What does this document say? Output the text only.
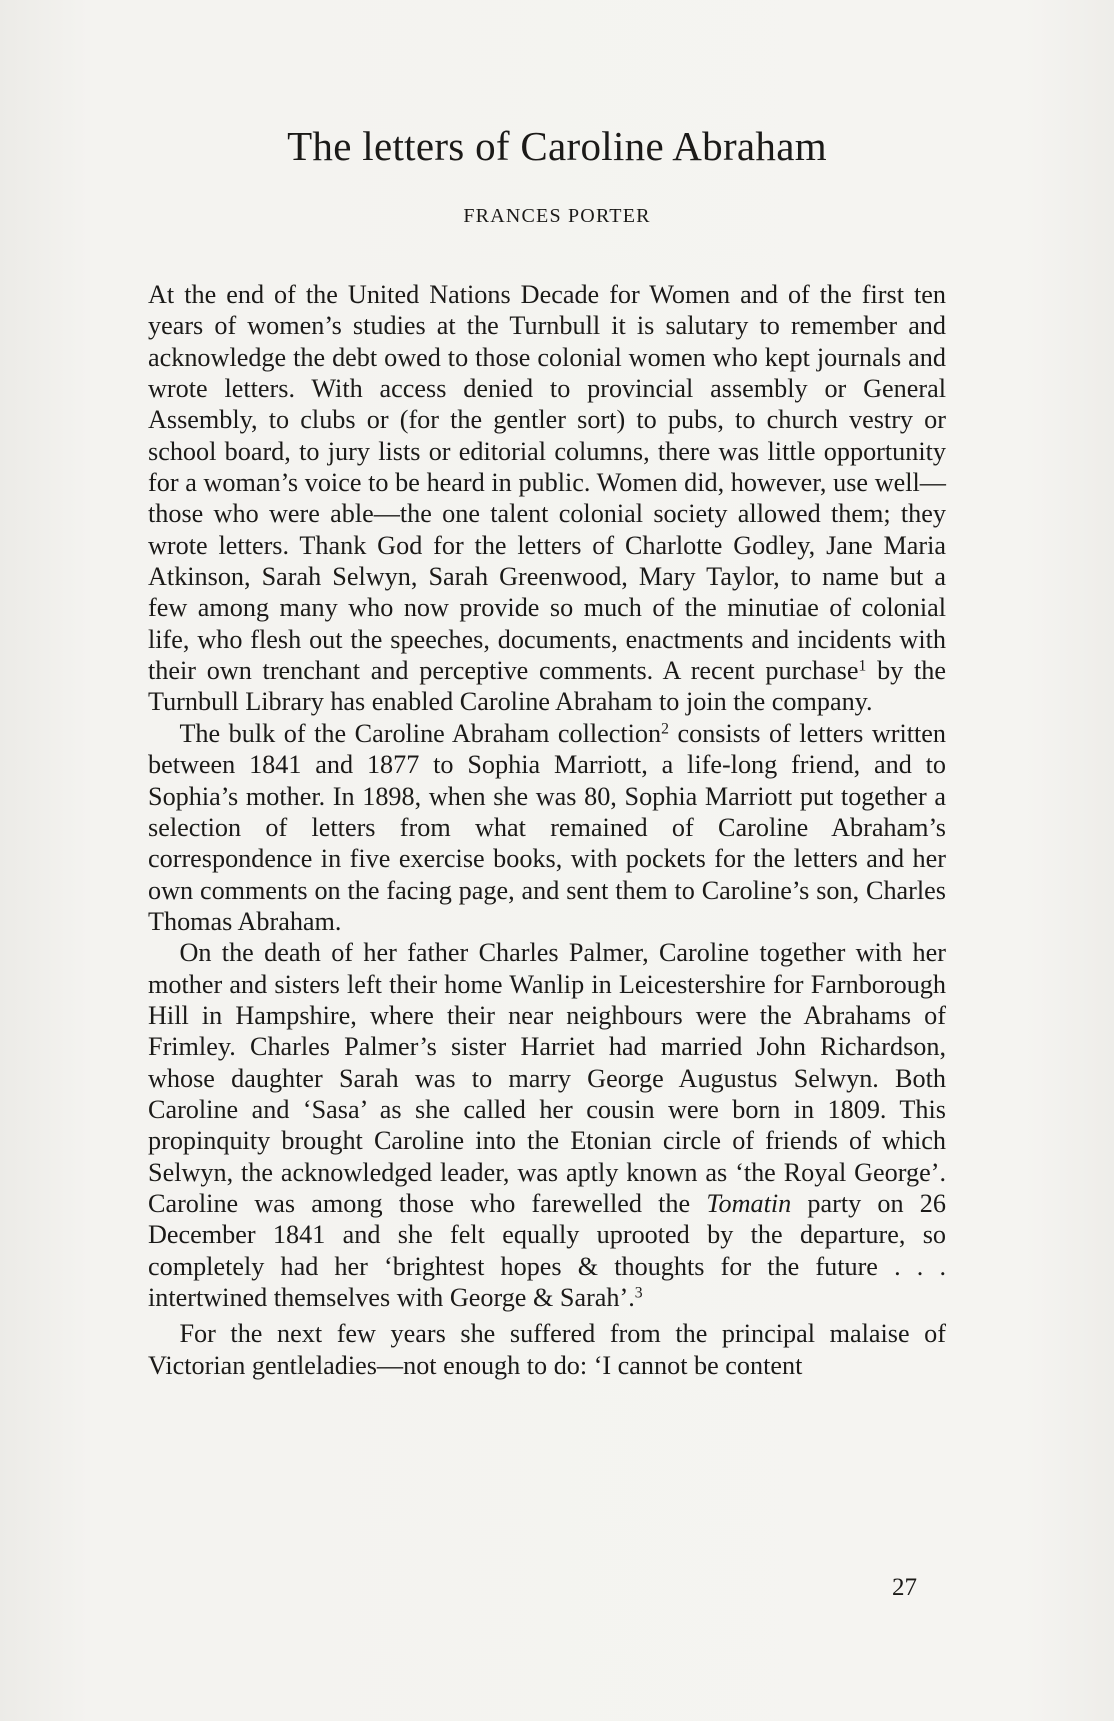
The letters of Caroline Abraham
FRANCES PORTER

At the end of the United Nations Decade for Women and of the first ten years of women’s studies at the Turnbull it is salutary to remember and acknowledge the debt owed to those colonial women who kept journals and wrote letters. With access denied to provincial assembly or General Assembly, to clubs or (for the gentler sort) to pubs, to church vestry or school board, to jury lists or editorial columns, there was little opportunity for a woman’s voice to be heard in public. Women did, however, use well—those who were able—the one talent colonial society allowed them; they wrote letters. Thank God for the letters of Charlotte Godley, Jane Maria Atkinson, Sarah Selwyn, Sarah Greenwood, Mary Taylor, to name but a few among many who now provide so much of the minutiae of colonial life, who flesh out the speeches, documents, enactments and incidents with their own trenchant and perceptive comments. A recent purchase$^1$ by the Turnbull Library has enabled Caroline Abraham to join the company.

The bulk of the Caroline Abraham collection$^2$ consists of letters written between 1841 and 1877 to Sophia Marriott, a life-long friend, and to Sophia’s mother. In 1898, when she was 80, Sophia Marriott put together a selection of letters from what remained of Caroline Abraham’s correspondence in five exercise books, with pockets for the letters and her own comments on the facing page, and sent them to Caroline’s son, Charles Thomas Abraham.

On the death of her father Charles Palmer, Caroline together with her mother and sisters left their home Wanlip in Leicestershire for Farnborough Hill in Hampshire, where their near neighbours were the Abrahams of Frimley. Charles Palmer’s sister Harriet had married John Richardson, whose daughter Sarah was to marry George Augustus Selwyn. Both Caroline and ‘Sasa’ as she called her cousin were born in 1809. This propinquity brought Caroline into the Etonian circle of friends of which Selwyn, the acknowledged leader, was aptly known as ‘the Royal George’. Caroline was among those who farewelled the Tomatin party on 26 December 1841 and she felt equally uprooted by the departure, so completely had her ‘brightest hopes & thoughts for the future . . . intertwined themselves with George & Sarah’.$^3$

For the next few years she suffered from the principal malaise of Victorian gentleladies—not enough to do: ‘I cannot be content

27
